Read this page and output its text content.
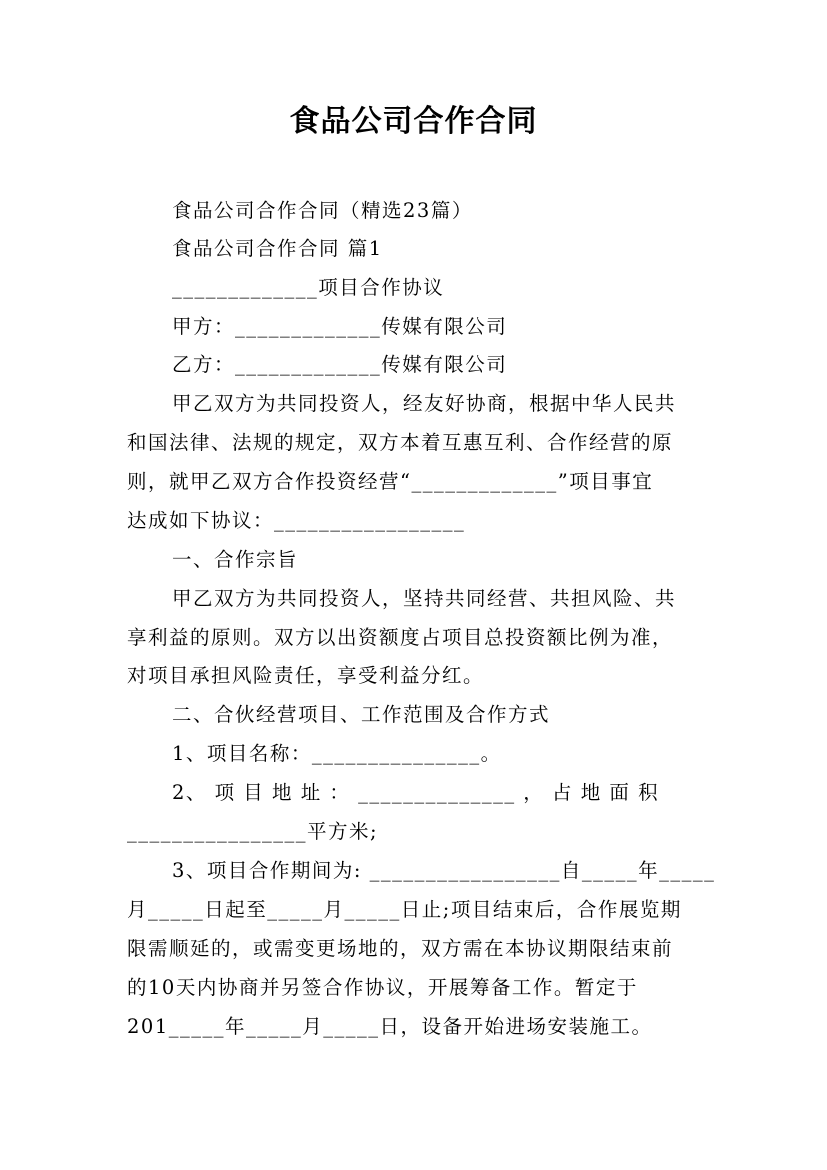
食品公司合作合同
食品公司合作合同（精选23篇）
食品公司合作合同 篇1
_____________项目合作协议
甲方：_____________传媒有限公司
乙方：_____________传媒有限公司
甲乙双方为共同投资人，经友好协商，根据中华人民共
和国法律、法规的规定，双方本着互惠互利、合作经营的原
则，就甲乙双方合作投资经营“_____________”项目事宜
达成如下协议：_________________
一、合作宗旨
甲乙双方为共同投资人，坚持共同经营、共担风险、共
享利益的原则。双方以出资额度占项目总投资额比例为准，
对项目承担风险责任，享受利益分红。
二、合伙经营项目、工作范围及合作方式
1、项目名称：_______________。
2、 项 目 地 址 ： ______________ ， 占 地 面 积
________________平方米;
3、项目合作期间为: _________________自_____年_____
月_____日起至_____月_____日止;项目结束后，合作展览期
限需顺延的，或需变更场地的，双方需在本协议期限结束前
的10天内协商并另签合作协议，开展筹备工作。暂定于
201_____年_____月_____日，设备开始进场安装施工。
